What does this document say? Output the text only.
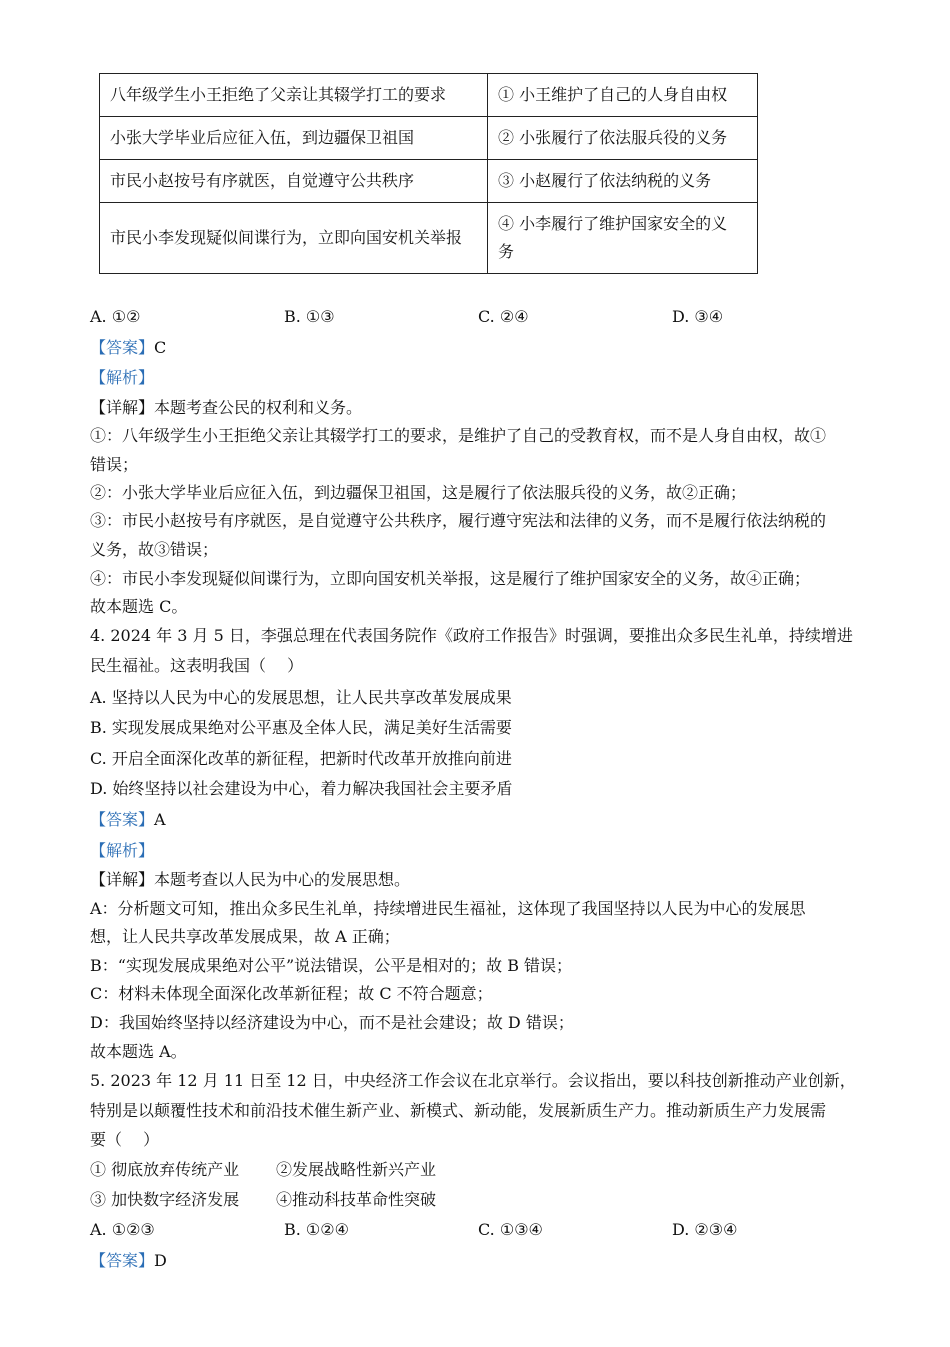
八年级学生小王拒绝了父亲让其辍学打工的要求	① 小王维护了自己的人身自由权
小张大学毕业后应征入伍，到边疆保卫祖国	② 小张履行了依法服兵役的义务
市民小赵按号有序就医，自觉遵守公共秩序	③ 小赵履行了依法纳税的义务
市民小李发现疑似间谍行为，立即向国安机关举报	④ 小李履行了维护国家安全的义
务
A. ①②	B. ①③	C. ②④	D. ③④
【答案】C
【解析】
【详解】本题考查公民的权利和义务。
①：八年级学生小王拒绝父亲让其辍学打工的要求，是维护了自己的受教育权，而不是人身自由权，故①
错误；
②：小张大学毕业后应征入伍，到边疆保卫祖国，这是履行了依法服兵役的义务，故②正确；
③：市民小赵按号有序就医，是自觉遵守公共秩序，履行遵守宪法和法律的义务，而不是履行依法纳税的
义务，故③错误；
④：市民小李发现疑似间谍行为，立即向国安机关举报，这是履行了维护国家安全的义务，故④正确；
故本题选 C。
4. 2024 年 3 月 5 日，李强总理在代表国务院作《政府工作报告》时强调，要推出众多民生礼单，持续增进
民生福祉。这表明我国（　 ）
A. 坚持以人民为中心的发展思想，让人民共享改革发展成果
B. 实现发展成果绝对公平惠及全体人民，满足美好生活需要
C. 开启全面深化改革的新征程，把新时代改革开放推向前进
D. 始终坚持以社会建设为中心，着力解决我国社会主要矛盾
【答案】A
【解析】
【详解】本题考查以人民为中心的发展思想。
A：分析题文可知，推出众多民生礼单，持续增进民生福祉，这体现了我国坚持以人民为中心的发展思
想，让人民共享改革发展成果，故 A 正确；
B：“实现发展成果绝对公平”说法错误，公平是相对的；故 B 错误；
C：材料未体现全面深化改革新征程；故 C 不符合题意；
D：我国始终坚持以经济建设为中心，而不是社会建设；故 D 错误；
故本题选 A。
5. 2023 年 12 月 11 日至 12 日，中央经济工作会议在北京举行。会议指出，要以科技创新推动产业创新，
特别是以颠覆性技术和前沿技术催生新产业、新模式、新动能，发展新质生产力。推动新质生产力发展需
要（　 ）
① 彻底放弃传统产业 ②发展战略性新兴产业
③ 加快数字经济发展 ④推动科技革命性突破
A. ①②③	B. ①②④	C. ①③④	D. ②③④
【答案】D
